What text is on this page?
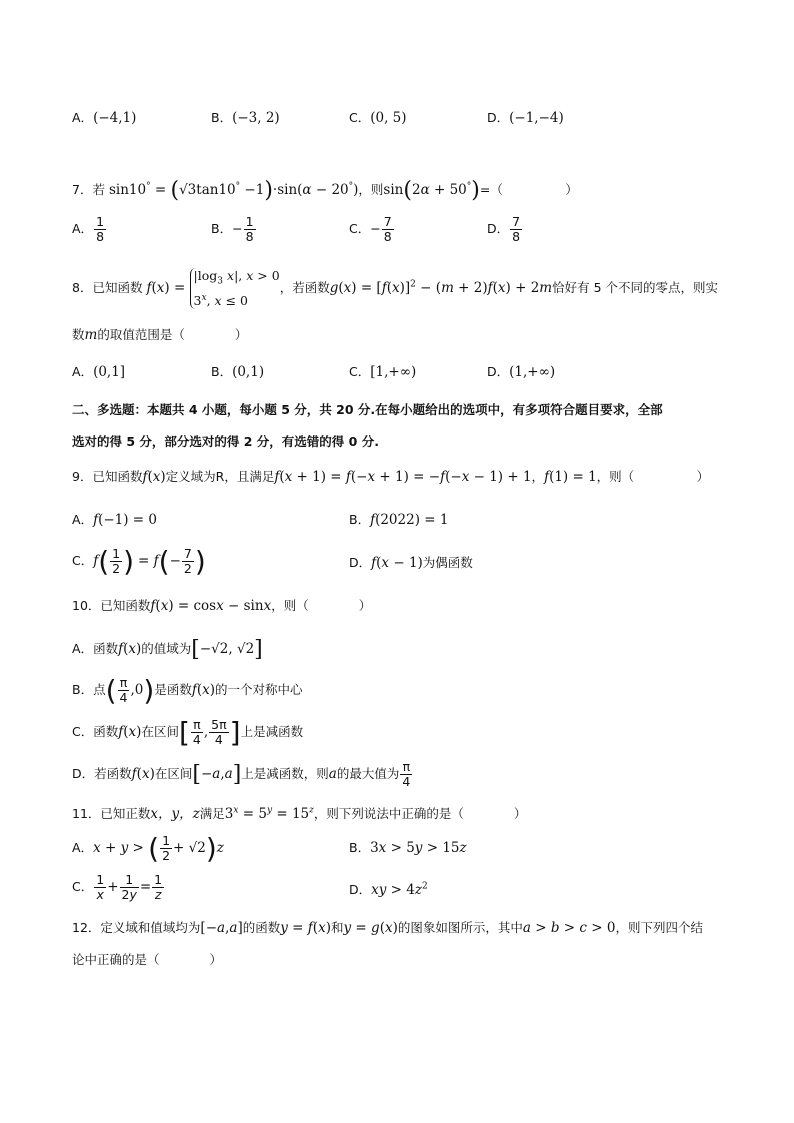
A．(−4,1)	B．(−3, 2)	C．(0, 5)	D．(−1,−4)
7．若 sin10° = (√3tan10° −1)·sin(α − 20°)，则sin(2α + 50°)=（　　　　　）
A． $\frac{1}{8}$	B．− $\frac{1}{8}$	C．− $\frac{7}{8}$	D． $\frac{7}{8}$
8．已知函数 $f(x) = |\log_3$ x|, x > 0
3$^x$, x ≤ 0，若函数$g(x) = [f(x)]^2 - (m + 2)f(x) + 2m$恰好有 5 个不同的零点，则实
数m的取值范围是（　　　　）
A．(0,1]	B．(0,1)	C．[1,+∞)	D．(1,+∞)
二、多选题：本题共 4 小题，每小题 5 分，共 20 分.在每小题给出的选项中，有多项符合题目要求，全部
选对的得 5 分，部分选对的得 2 分，有选错的得 0 分.
9．已知函数f(x)定义域为R，且满足f(x + 1) = f(−x + 1) = −f(−x − 1) + 1，f(1) = 1，则（　　　　　）
A．f(−1) = 0	B．f(2022) = 1
C．$f( \frac{1}{2}$ ) = $f(- \frac{7}{2}$ )	D．f(x − 1)为偶函数
10．已知函数f(x) = cosx − sinx，则（　　　　）
A．函数f(x)的值域为[−√2, √2]
B．点( $\frac{\pi}{4} ,0$)是函数f(x)的一个对称中心
C．函数f(x)在区间[ $\frac{\pi}{4}$ , $\frac{5\pi}{4}$ ]上是减函数
D．若函数f(x)在区间[−a,a]上是减函数，则a的最大值为 $\frac{\pi}{4}$
11．已知正数x，y，z满足$3^x = 5^y = 15^z$，则下列说法中正确的是（　　　　）
A．x + y > ( $\frac{1}{2} + √2)z$	B．3x > 5y > 15z
C． $\frac{1}{x} + \frac{1}{2y} = \frac{1}{z}$	D．xy > $4z^2$
12．定义域和值域均为[−a,a]的函数y = f(x)和y = g(x)的图象如图所示，其中a > b > c > 0，则下列四个结
论中正确的是（　　　　）
